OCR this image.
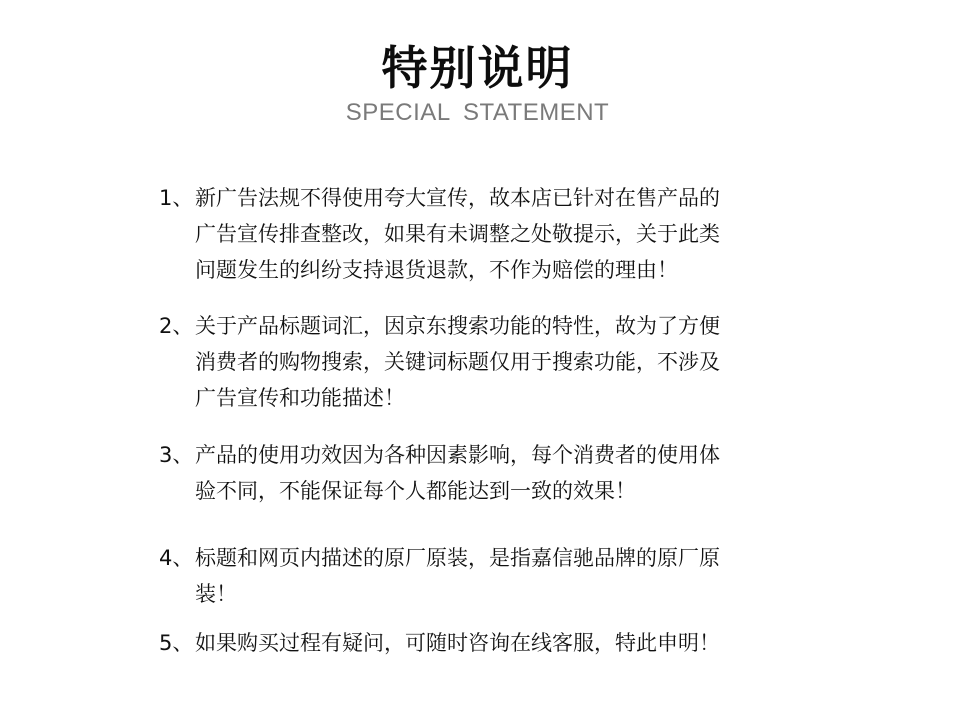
特别说明
SPECIAL STATEMENT
1、 新广告法规不得使用夸大宣传，故本店已针对在售产品的
广告宣传排查整改，如果有未调整之处敬提示，关于此类
问题发生的纠纷支持退货退款，不作为赔偿的理由！
2、 关于产品标题词汇，因京东搜索功能的特性，故为了方便
消费者的购物搜索，关键词标题仅用于搜索功能，不涉及
广告宣传和功能描述！
3、 产品的使用功效因为各种因素影响，每个消费者的使用体
验不同，不能保证每个人都能达到一致的效果！
4、 标题和网页内描述的原厂原装，是指嘉信驰品牌的原厂原
装！
5、 如果购买过程有疑问，可随时咨询在线客服，特此申明！
